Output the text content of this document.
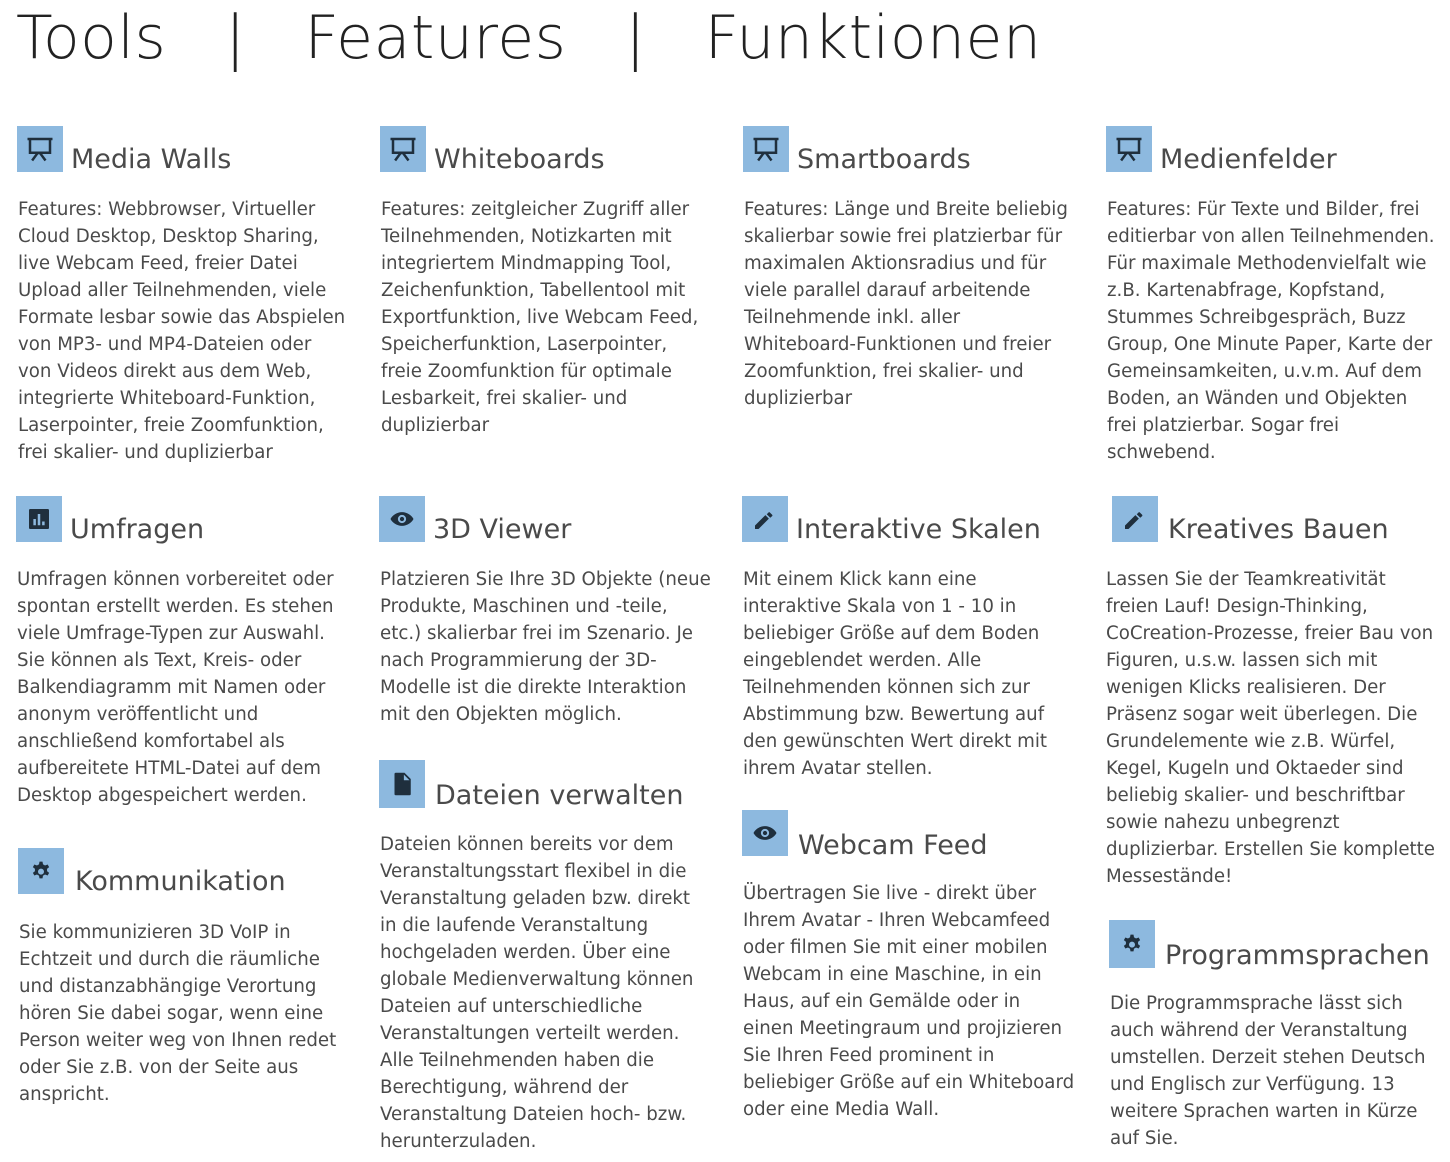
Tools   |   Features   |   Funktionen
Media Walls

Features: Webbrowser, Virtueller Cloud Desktop, Desktop Sharing, live Webcam Feed, freier Datei Upload aller Teilnehmenden, viele Formate lesbar sowie das Abspielen von MP3- und MP4-Dateien oder von Videos direkt aus dem Web, integrierte Whiteboard-Funktion, Laserpointer, freie Zoomfunktion, frei skalier- und duplizierbar

Whiteboards

Features: zeitgleicher Zugriff aller Teilnehmenden, Notizkarten mit integriertem Mindmapping Tool, Zeichenfunktion, Tabellentool mit Exportfunktion, live Webcam Feed, Speicherfunktion, Laserpointer, freie Zoomfunktion für optimale Lesbarkeit, frei skalier- und duplizierbar

Smartboards

Features: Länge und Breite beliebig skalierbar sowie frei platzierbar für maximalen Aktionsradius und für viele parallel darauf arbeitende Teilnehmende inkl. aller Whiteboard-Funktionen und freier Zoomfunktion, frei skalier- und duplizierbar

Medienfelder

Features: Für Texte und Bilder, frei editierbar von allen Teilnehmenden. Für maximale Methodenvielfalt wie z.B. Kartenabfrage, Kopfstand, Stummes Schreibgespräch, Buzz Group, One Minute Paper, Karte der Gemeinsamkeiten, u.v.m. Auf dem Boden, an Wänden und Objekten frei platzierbar. Sogar frei schwebend.

Umfragen

Umfragen können vorbereitet oder spontan erstellt werden. Es stehen viele Umfrage-Typen zur Auswahl. Sie können als Text, Kreis- oder Balkendiagramm mit Namen oder anonym veröffentlicht und anschließend komfortabel als aufbereitete HTML-Datei auf dem Desktop abgespeichert werden.

3D Viewer

Platzieren Sie Ihre 3D Objekte (neue Produkte, Maschinen und -teile, etc.) skalierbar frei im Szenario. Je nach Programmierung der 3D-Modelle ist die direkte Interaktion mit den Objekten möglich.

Interaktive Skalen

Mit einem Klick kann eine interaktive Skala von 1 - 10 in beliebiger Größe auf dem Boden eingeblendet werden. Alle Teilnehmenden können sich zur Abstimmung bzw. Bewertung auf den gewünschten Wert direkt mit ihrem Avatar stellen.

Kreatives Bauen

Lassen Sie der Teamkreativität freien Lauf! Design-Thinking, CoCreation-Prozesse, freier Bau von Figuren, u.s.w. lassen sich mit wenigen Klicks realisieren. Der Präsenz sogar weit überlegen. Die Grundelemente wie z.B. Würfel, Kegel, Kugeln und Oktaeder sind beliebig skalier- und beschriftbar sowie nahezu unbegrenzt duplizierbar. Erstellen Sie komplette Messestände!

Kommunikation

Sie kommunizieren 3D VoIP in Echtzeit und durch die räumliche und distanzabhängige Verortung hören Sie dabei sogar, wenn eine Person weiter weg von Ihnen redet oder Sie z.B. von der Seite aus anspricht.

Dateien verwalten

Dateien können bereits vor dem Veranstaltungsstart flexibel in die Veranstaltung geladen bzw. direkt in die laufende Veranstaltung hochgeladen werden. Über eine globale Medienverwaltung können Dateien auf unterschiedliche Veranstaltungen verteilt werden. Alle Teilnehmenden haben die Berechtigung, während der Veranstaltung Dateien hoch- bzw. herunterzuladen.

Webcam Feed

Übertragen Sie live - direkt über Ihrem Avatar - Ihren Webcamfeed oder filmen Sie mit einer mobilen Webcam in eine Maschine, in ein Haus, auf ein Gemälde oder in einen Meetingraum und projizieren Sie Ihren Feed prominent in beliebiger Größe auf ein Whiteboard oder eine Media Wall.

Programmsprachen

Die Programmsprache lässt sich auch während der Veranstaltung umstellen. Derzeit stehen Deutsch und Englisch zur Verfügung. 13 weitere Sprachen warten in Kürze auf Sie.
